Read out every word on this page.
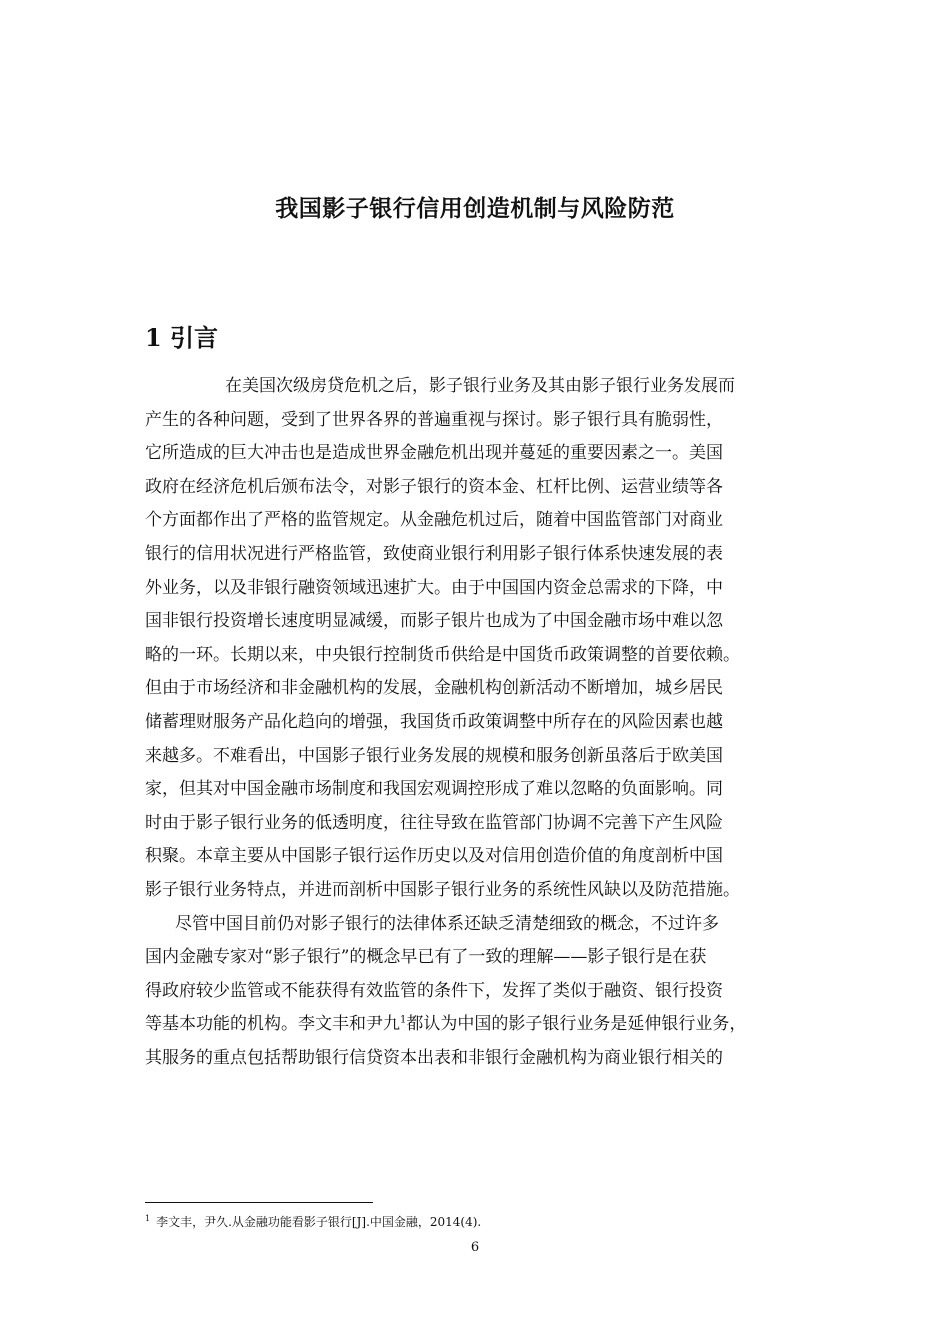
我国影子银行信用创造机制与风险防范
1 引言
在美国次级房贷危机之后，影子银行业务及其由影子银行业务发展而
产生的各种问题，受到了世界各界的普遍重视与探讨。影子银行具有脆弱性，
它所造成的巨大冲击也是造成世界金融危机出现并蔓延的重要因素之一。美国
政府在经济危机后颁布法令，对影子银行的资本金、杠杆比例、运营业绩等各
个方面都作出了严格的监管规定。从金融危机过后，随着中国监管部门对商业
银行的信用状况进行严格监管，致使商业银行利用影子银行体系快速发展的表
外业务，以及非银行融资领域迅速扩大。由于中国国内资金总需求的下降，中
国非银行投资增长速度明显减缓，而影子银片也成为了中国金融市场中难以忽
略的一环。长期以来，中央银行控制货币供给是中国货币政策调整的首要依赖。
但由于市场经济和非金融机构的发展，金融机构创新活动不断增加，城乡居民
储蓄理财服务产品化趋向的增强，我国货币政策调整中所存在的风险因素也越
来越多。不难看出，中国影子银行业务发展的规模和服务创新虽落后于欧美国
家，但其对中国金融市场制度和我国宏观调控形成了难以忽略的负面影响。同
时由于影子银行业务的低透明度，往往导致在监管部门协调不完善下产生风险
积聚。本章主要从中国影子银行运作历史以及对信用创造价值的角度剖析中国
影子银行业务特点，并进而剖析中国影子银行业务的系统性风缺以及防范措施。
尽管中国目前仍对影子银行的法律体系还缺乏清楚细致的概念，不过许多
国内金融专家对“影子银行”的概念早已有了一致的理解——影子银行是在获
得政府较少监管或不能获得有效监管的条件下，发挥了类似于融资、银行投资
等基本功能的机构。李文丰和尹九$^1$都认为中国的影子银行业务是延伸银行业务，
其服务的重点包括帮助银行信贷资本出表和非银行金融机构为商业银行相关的
$^1$ 李文丰，尹久.从金融功能看影子银行[J].中国金融，2014(4).
6
